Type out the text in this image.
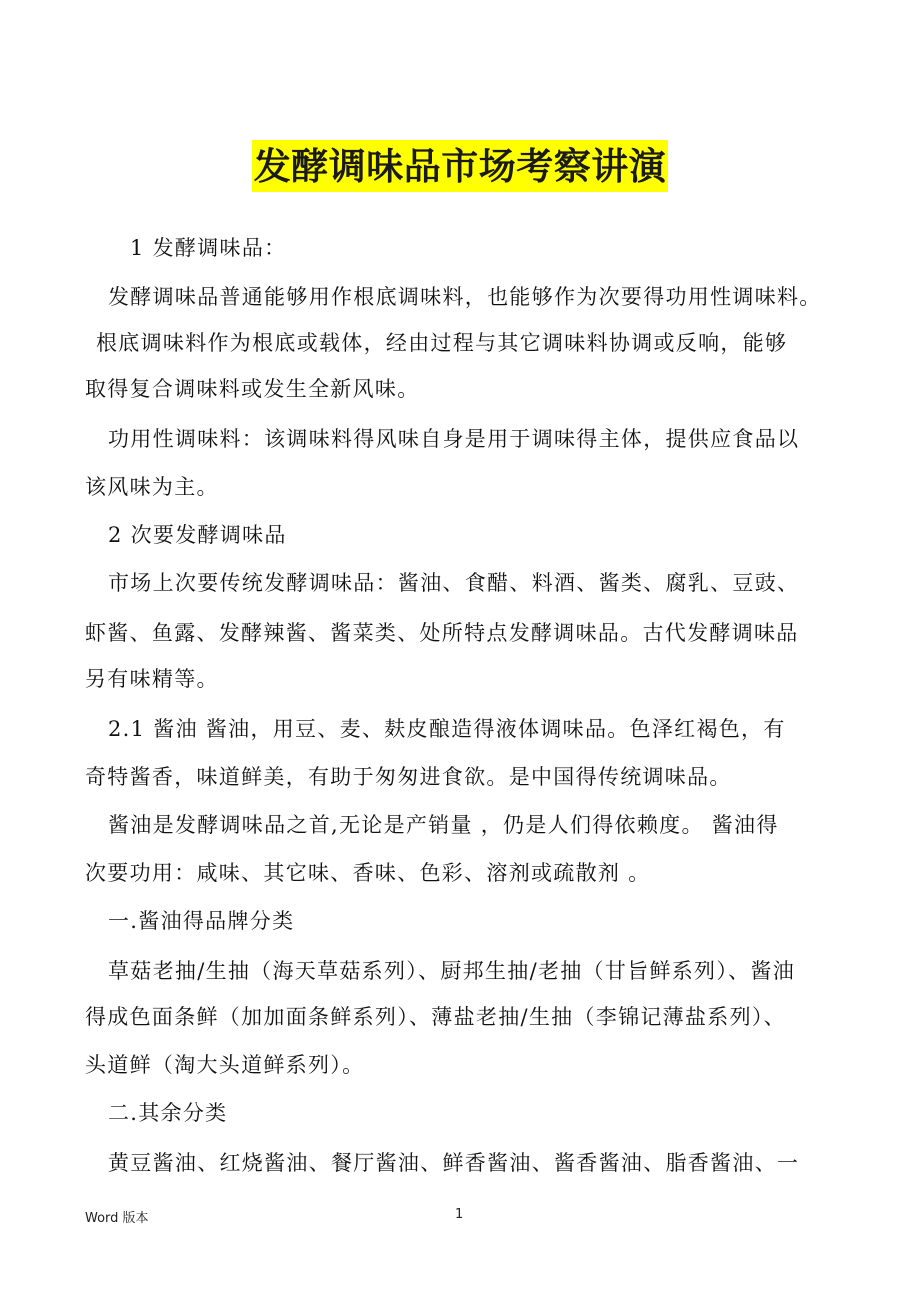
发酵调味品市场考察讲演
1 发酵调味品：
发酵调味品普通能够用作根底调味料，也能够作为次要得功用性调味料。
根底调味料作为根底或载体，经由过程与其它调味料协调或反响，能够
取得复合调味料或发生全新风味。
功用性调味料：该调味料得风味自身是用于调味得主体，提供应食品以
该风味为主。
2 次要发酵调味品
市场上次要传统发酵调味品：酱油、食醋、料酒、酱类、腐乳、豆豉、
虾酱、鱼露、发酵辣酱、酱菜类、处所特点发酵调味品。古代发酵调味品
另有味精等。
2.1 酱油 酱油，用豆、麦、麸皮酿造得液体调味品。色泽红褐色，有
奇特酱香，味道鲜美，有助于匆匆进食欲。是中国得传统调味品。
酱油是发酵调味品之首,无论是产销量 ，仍是人们得依赖度。 酱油得
次要功用：咸味、其它味、香味、色彩、溶剂或疏散剂 。
一.酱油得品牌分类
草菇老抽/生抽（海天草菇系列）、厨邦生抽/老抽（甘旨鲜系列）、酱油
得成色面条鲜（加加面条鲜系列）、薄盐老抽/生抽（李锦记薄盐系列）、
头道鲜（淘大头道鲜系列）。
二.其余分类
黄豆酱油、红烧酱油、餐厅酱油、鲜香酱油、酱香酱油、脂香酱油、一
Word 版本	1
